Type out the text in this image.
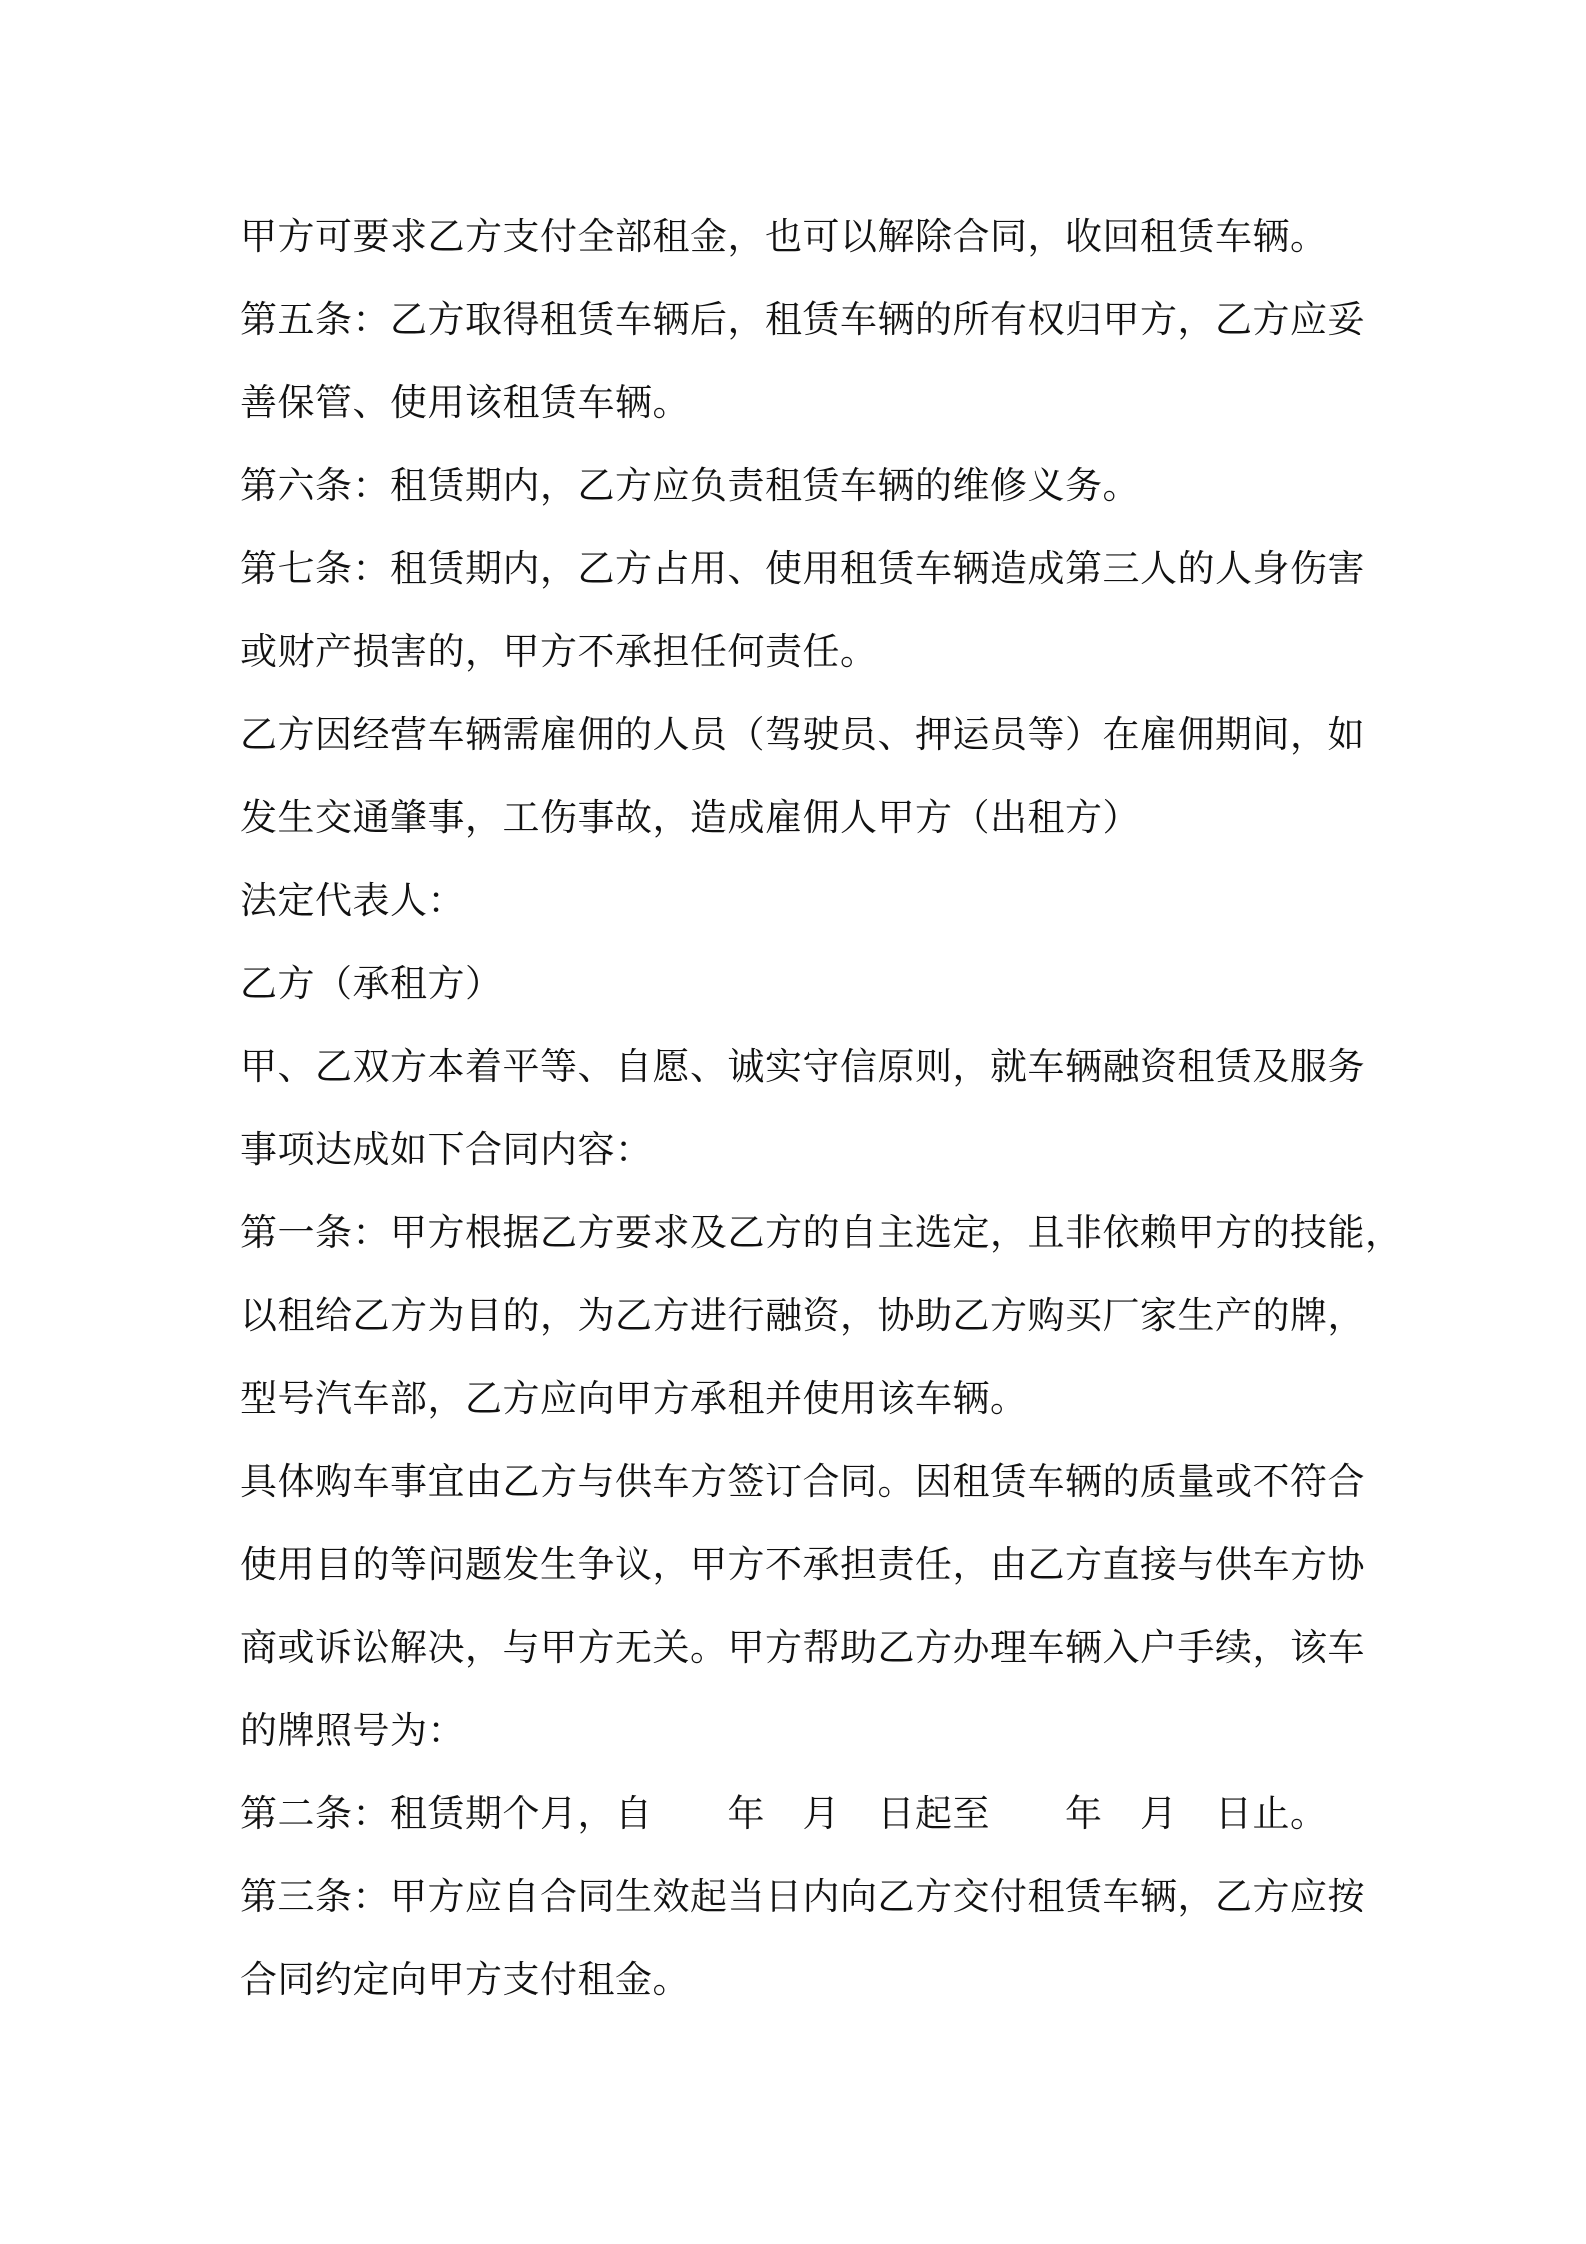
甲方可要求乙方支付全部租金，也可以解除合同，收回租赁车辆。
第五条：乙方取得租赁车辆后，租赁车辆的所有权归甲方，乙方应妥
善保管、使用该租赁车辆。
第六条：租赁期内，乙方应负责租赁车辆的维修义务。
第七条：租赁期内，乙方占用、使用租赁车辆造成第三人的人身伤害
或财产损害的，甲方不承担任何责任。
乙方因经营车辆需雇佣的人员（驾驶员、押运员等）在雇佣期间，如
发生交通肇事，工伤事故，造成雇佣人甲方（出租方）
法定代表人：
乙方（承租方）
甲、乙双方本着平等、自愿、诚实守信原则，就车辆融资租赁及服务
事项达成如下合同内容：
第一条：甲方根据乙方要求及乙方的自主选定，且非依赖甲方的技能，
以租给乙方为目的，为乙方进行融资，协助乙方购买厂家生产的牌，
型号汽车部，乙方应向甲方承租并使用该车辆。
具体购车事宜由乙方与供车方签订合同。因租赁车辆的质量或不符合
使用目的等问题发生争议，甲方不承担责任，由乙方直接与供车方协
商或诉讼解决，与甲方无关。甲方帮助乙方办理车辆入户手续，该车
的牌照号为：
第二条：租赁期个月，自　　年　月　日起至　　年　月　日止。
第三条：甲方应自合同生效起当日内向乙方交付租赁车辆，乙方应按
合同约定向甲方支付租金。
